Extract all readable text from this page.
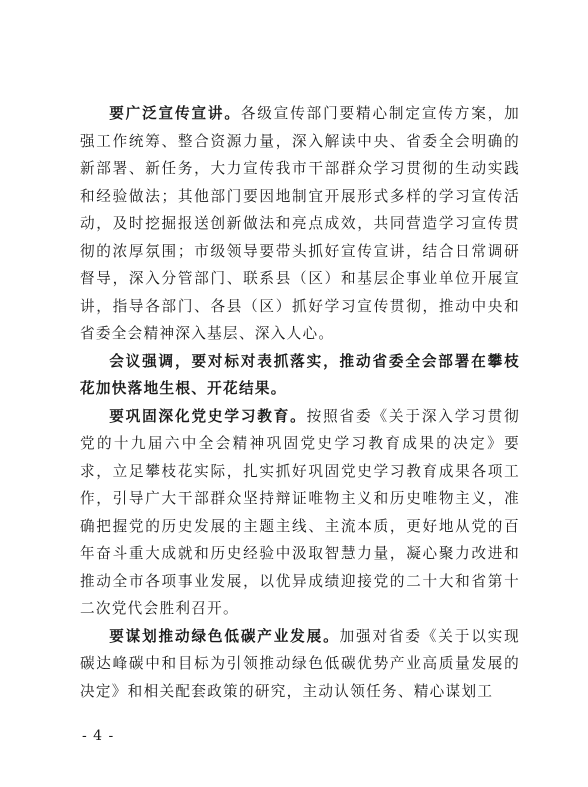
要广泛宣传宣讲。各级宣传部门要精心制定宣传方案，加强工作统筹、整合资源力量，深入解读中央、省委全会明确的新部署、新任务，大力宣传我市干部群众学习贯彻的生动实践和经验做法；其他部门要因地制宜开展形式多样的学习宣传活动，及时挖掘报送创新做法和亮点成效，共同营造学习宣传贯彻的浓厚氛围；市级领导要带头抓好宣传宣讲，结合日常调研督导，深入分管部门、联系县（区）和基层企事业单位开展宣讲，指导各部门、各县（区）抓好学习宣传贯彻，推动中央和省委全会精神深入基层、深入人心。

会议强调，要对标对表抓落实，推动省委全会部署在攀枝花加快落地生根、开花结果。

要巩固深化党史学习教育。按照省委《关于深入学习贯彻党的十九届六中全会精神巩固党史学习教育成果的决定》要求，立足攀枝花实际，扎实抓好巩固党史学习教育成果各项工作，引导广大干部群众坚持辩证唯物主义和历史唯物主义，准确把握党的历史发展的主题主线、主流本质，更好地从党的百年奋斗重大成就和历史经验中汲取智慧力量，凝心聚力改进和推动全市各项事业发展，以优异成绩迎接党的二十大和省第十二次党代会胜利召开。

要谋划推动绿色低碳产业发展。加强对省委《关于以实现碳达峰碳中和目标为引领推动绿色低碳优势产业高质量发展的决定》和相关配套政策的研究，主动认领任务、精心谋划工

- 4 -
